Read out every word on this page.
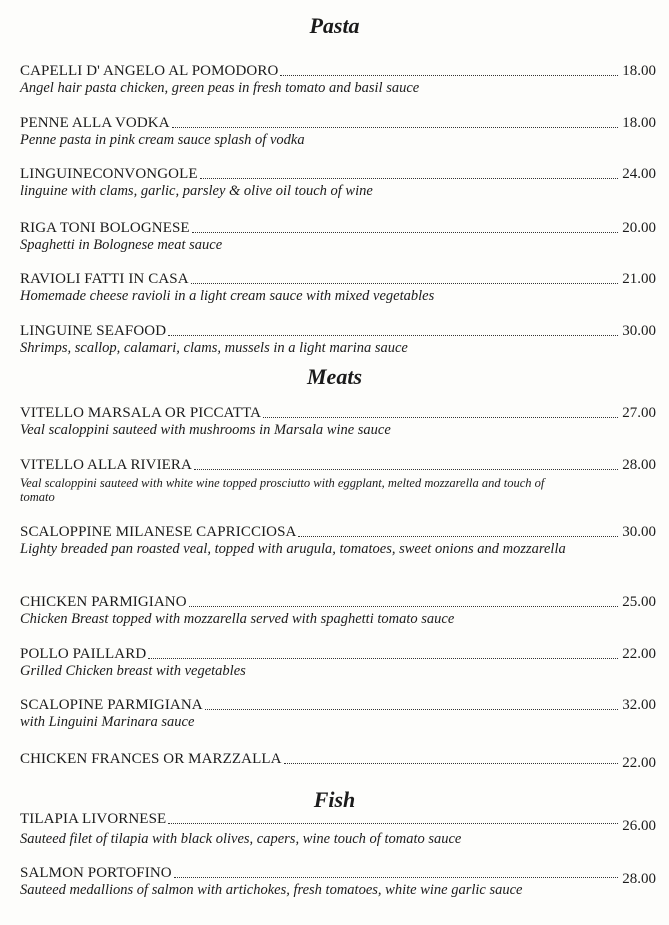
Pasta
CAPELLI D' ANGELO AL POMODORO	18.00
Angel hair pasta chicken, green peas in fresh tomato and basil sauce
PENNE ALLA VODKA	18.00
Penne pasta in pink cream sauce splash of vodka
LINGUINECONVONGOLE	24.00
linguine with clams, garlic, parsley & olive oil touch of wine
RIGA TONI BOLOGNESE	20.00
Spaghetti in Bolognese meat sauce
RAVIOLI FATTI IN CASA	21.00
Homemade cheese ravioli in a light cream sauce with mixed vegetables
LINGUINE SEAFOOD	30.00
Shrimps, scallop, calamari, clams, mussels in a light marina sauce
Meats
VITELLO MARSALA OR PICCATTA	27.00
Veal scaloppini sauteed with mushrooms in Marsala wine sauce
VITELLO ALLA RIVIERA	28.00
Veal scaloppini sauteed with white wine topped prosciutto with eggplant, melted mozzarella and touch of tomato
SCALOPPINE MILANESE CAPRICCIOSA	30.00
Lighty breaded pan roasted veal, topped with arugula, tomatoes, sweet onions and mozzarella
CHICKEN PARMIGIANO	25.00
Chicken Breast topped with mozzarella served with spaghetti tomato sauce
POLLO PAILLARD	22.00
Grilled Chicken breast with vegetables
SCALOPINE PARMIGIANA	32.00
with Linguini Marinara sauce
CHICKEN FRANCES OR MARZZALLA	22.00
Fish
TILAPIA LIVORNESE	26.00
Sauteed filet of tilapia with black olives, capers, wine touch of tomato sauce
SALMON PORTOFINO	28.00
Sauteed medallions of salmon with artichokes, fresh tomatoes, white wine garlic sauce
